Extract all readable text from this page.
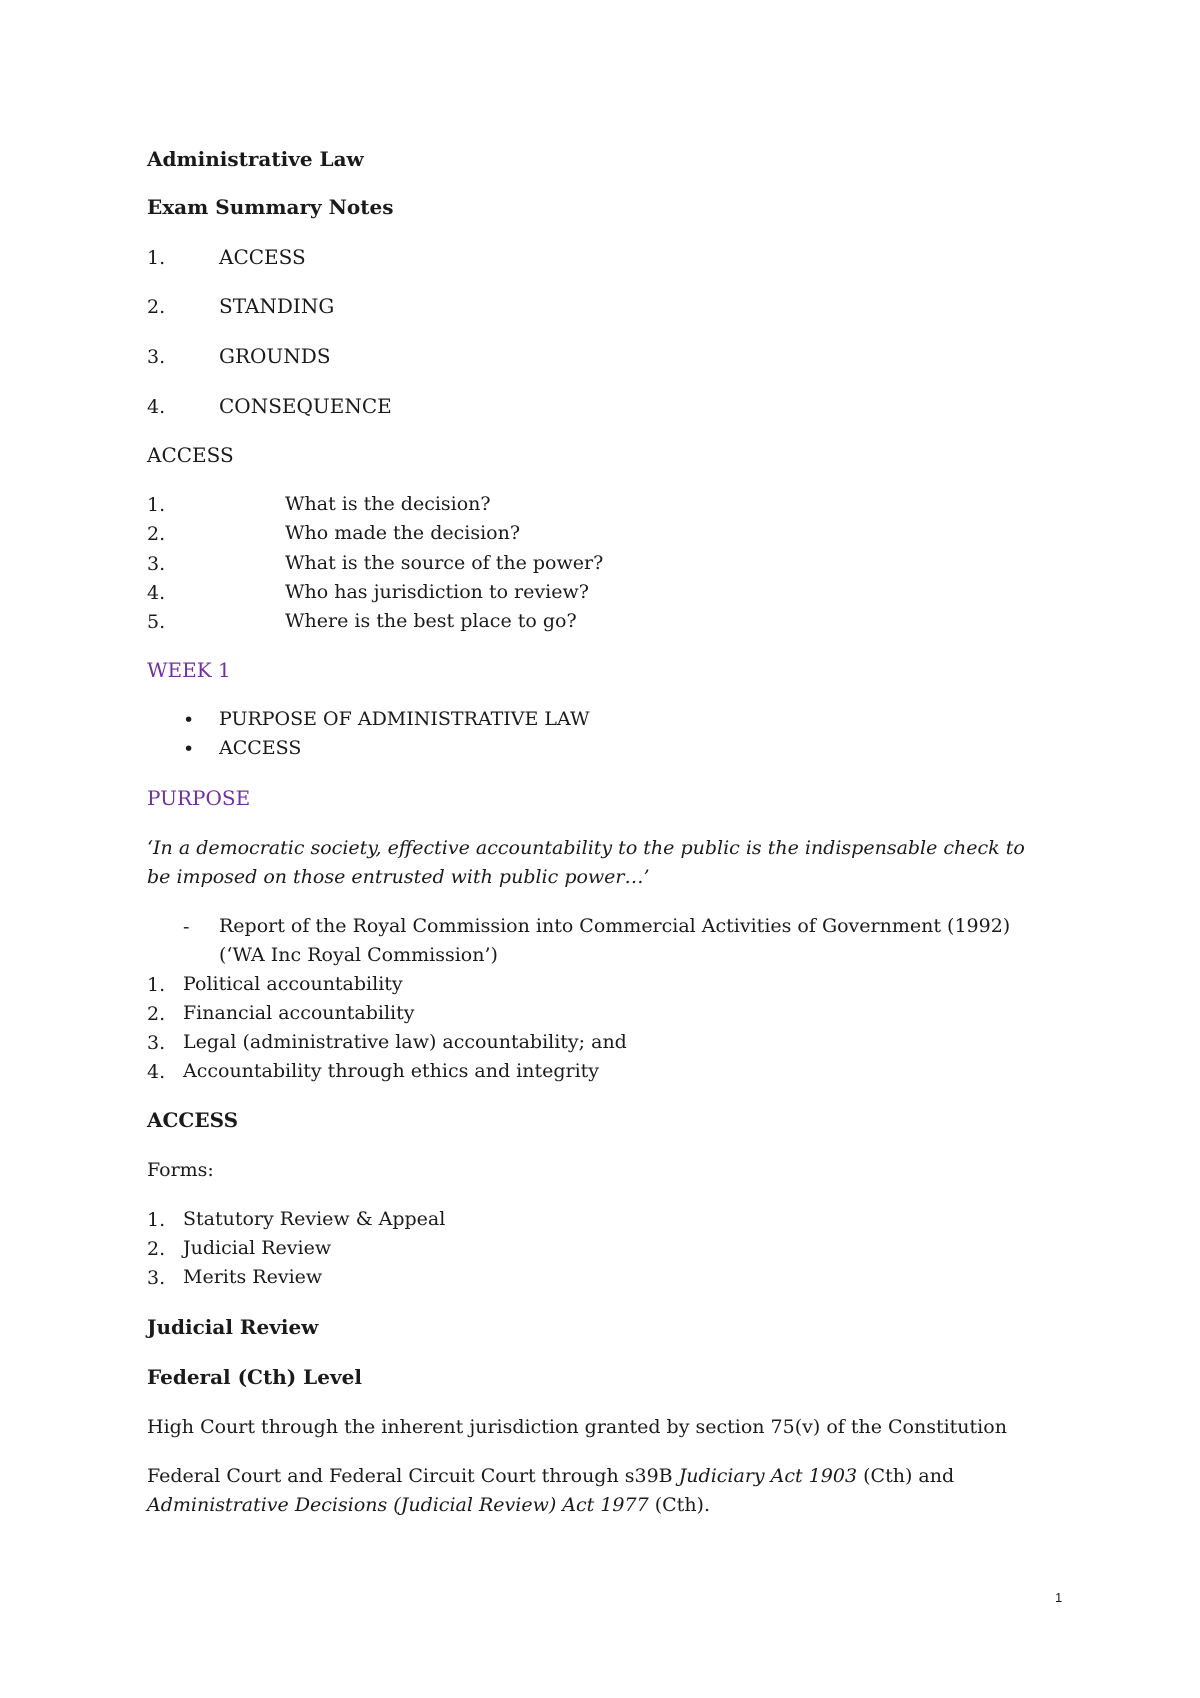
Administrative Law
Exam Summary Notes
1.	ACCESS
2.	STANDING
3.	GROUNDS
4.	CONSEQUENCE
ACCESS
1.	What is the decision?
2.	Who made the decision?
3.	What is the source of the power?
4.	Who has jurisdiction to review?
5.	Where is the best place to go?
WEEK 1
• PURPOSE OF ADMINISTRATIVE LAW
• ACCESS
PURPOSE
‘In a democratic society, effective accountability to the public is the indispensable check to
be imposed on those entrusted with public power…’
- Report of the Royal Commission into Commercial Activities of Government (1992)
(‘WA Inc Royal Commission’)
1. Political accountability
2. Financial accountability
3. Legal (administrative law) accountability; and
4. Accountability through ethics and integrity
ACCESS
Forms:
1. Statutory Review & Appeal
2. Judicial Review
3. Merits Review
Judicial Review
Federal (Cth) Level
High Court through the inherent jurisdiction granted by section 75(v) of the Constitution
Federal Court and Federal Circuit Court through s39B Judiciary Act 1903 (Cth) and
Administrative Decisions (Judicial Review) Act 1977 (Cth).
1
